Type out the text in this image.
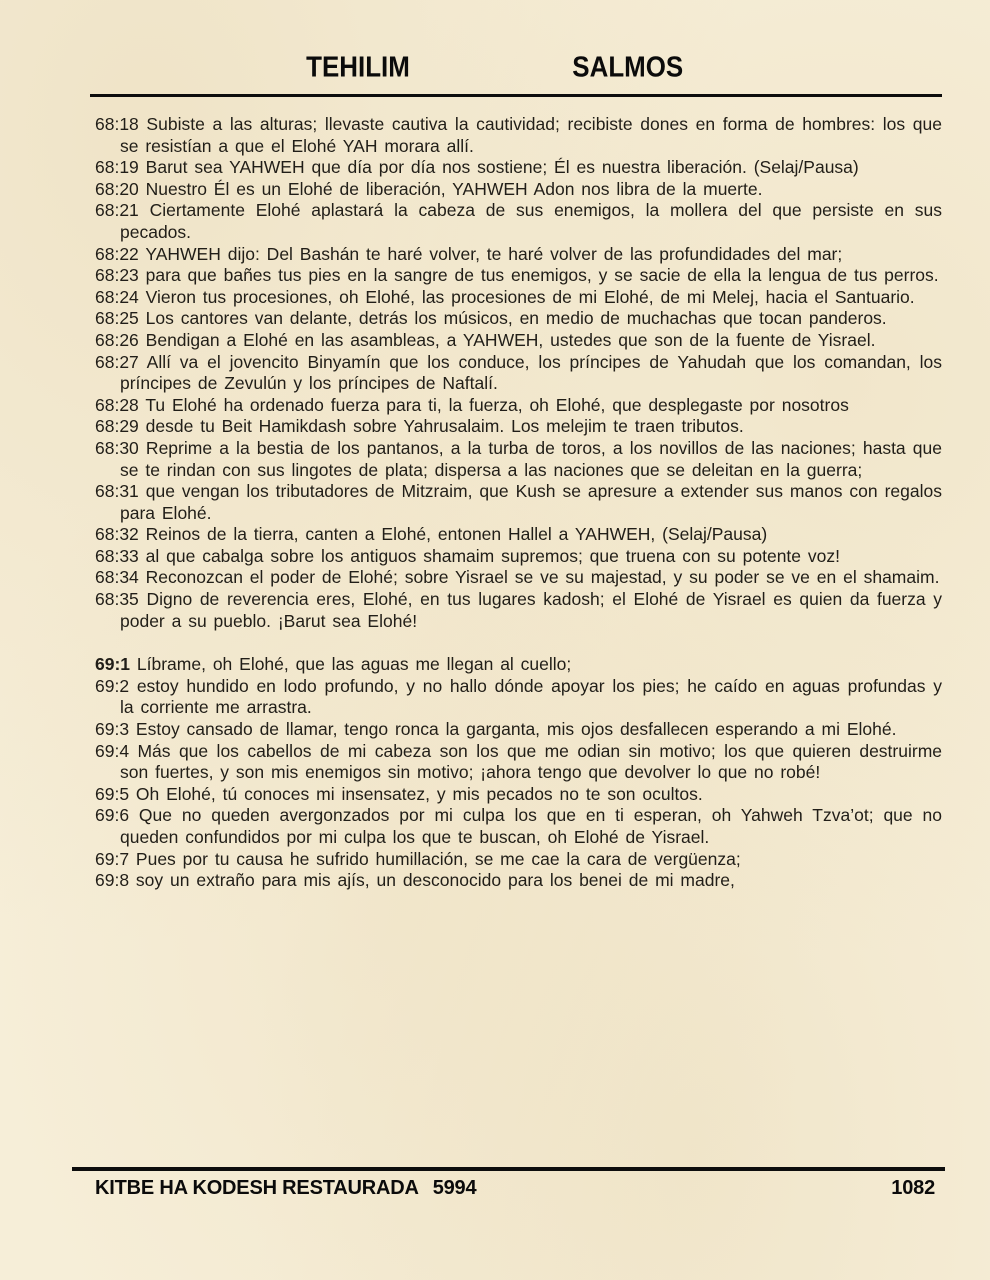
TEHILIM	SALMOS

68:18 Subiste a las alturas; llevaste cautiva la cautividad; recibiste dones en forma de hombres: los que se resistían a que el Elohé YAH morara allí.

68:19 Barut sea YAHWEH que día por día nos sostiene; Él es nuestra liberación. (Selaj/Pausa)

68:20 Nuestro Él es un Elohé de liberación, YAHWEH Adon nos libra de la muerte.

68:21 Ciertamente Elohé aplastará la cabeza de sus enemigos, la mollera del que persiste en sus pecados.

68:22 YAHWEH dijo: Del Bashán te haré volver, te haré volver de las profundidades del mar;

68:23 para que bañes tus pies en la sangre de tus enemigos, y se sacie de ella la lengua de tus perros.

68:24 Vieron tus procesiones, oh Elohé, las procesiones de mi Elohé, de mi Melej, hacia el Santuario.

68:25 Los cantores van delante, detrás los músicos, en medio de muchachas que tocan panderos.

68:26 Bendigan a Elohé en las asambleas, a YAHWEH, ustedes que son de la fuente de Yisrael.

68:27 Allí va el jovencito Binyamín que los conduce, los príncipes de Yahudah que los comandan, los príncipes de Zevulún y los príncipes de Naftalí.

68:28 Tu Elohé ha ordenado fuerza para ti, la fuerza, oh Elohé, que desplegaste por nosotros

68:29 desde tu Beit Hamikdash sobre Yahrusalaim. Los melejim te traen tributos.

68:30 Reprime a la bestia de los pantanos, a la turba de toros, a los novillos de las naciones; hasta que se te rindan con sus lingotes de plata; dispersa a las naciones que se deleitan en la guerra;

68:31 que vengan los tributadores de Mitzraim, que Kush se apresure a extender sus manos con regalos para Elohé.

68:32 Reinos de la tierra, canten a Elohé, entonen Hallel a YAHWEH, (Selaj/Pausa)

68:33 al que cabalga sobre los antiguos shamaim supremos; que truena con su potente voz!

68:34 Reconozcan el poder de Elohé; sobre Yisrael se ve su majestad, y su poder se ve en el shamaim.

68:35 Digno de reverencia eres, Elohé, en tus lugares kadosh; el Elohé de Yisrael es quien da fuerza y poder a su pueblo. ¡Barut sea Elohé!

69:1 Líbrame, oh Elohé, que las aguas me llegan al cuello;

69:2 estoy hundido en lodo profundo, y no hallo dónde apoyar los pies; he caído en aguas profundas y la corriente me arrastra.

69:3 Estoy cansado de llamar, tengo ronca la garganta, mis ojos desfallecen esperando a mi Elohé.

69:4 Más que los cabellos de mi cabeza son los que me odian sin motivo; los que quieren destruirme son fuertes, y son mis enemigos sin motivo; ¡ahora tengo que devolver lo que no robé!

69:5 Oh Elohé, tú conoces mi insensatez, y mis pecados no te son ocultos.

69:6 Que no queden avergonzados por mi culpa los que en ti esperan, oh Yahweh Tzva’ot; que no queden confundidos por mi culpa los que te buscan, oh Elohé de Yisrael.

69:7 Pues por tu causa he sufrido humillación, se me cae la cara de vergüenza;

69:8 soy un extraño para mis ajís, un desconocido para los benei de mi madre,

KITBE HA KODESH RESTAURADA 5994	1082
